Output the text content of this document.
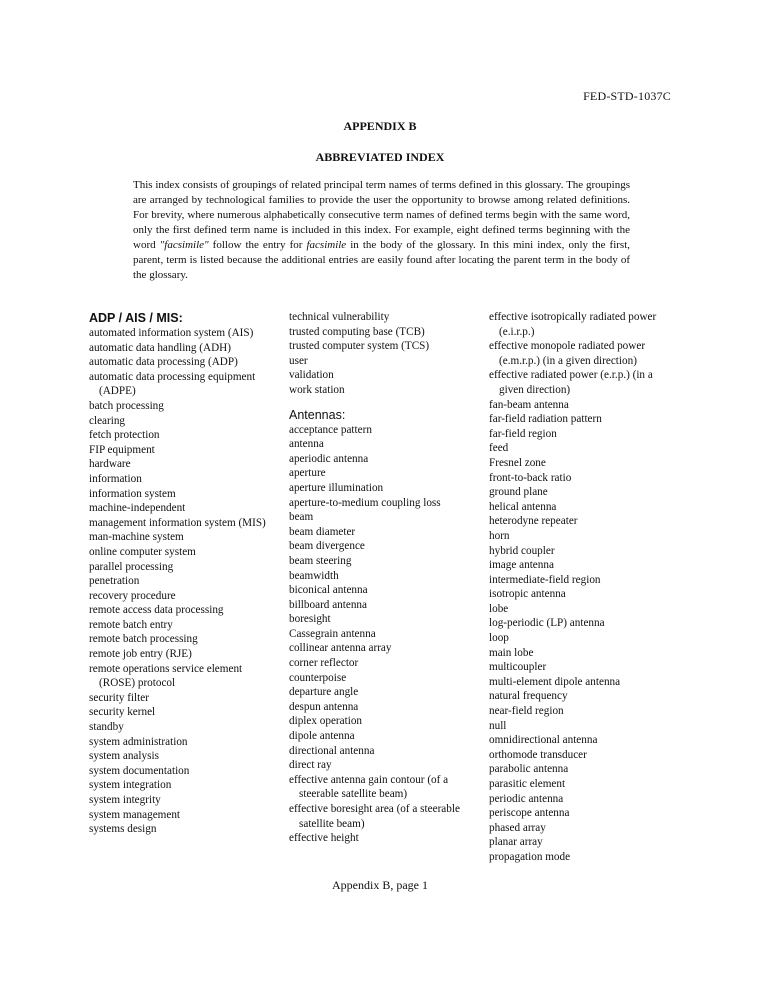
FED-STD-1037C
APPENDIX B
ABBREVIATED INDEX

This index consists of groupings of related principal term names of terms defined in this glossary. The groupings are arranged by technological families to provide the user the opportunity to browse among related definitions. For brevity, where numerous alphabetically consecutive term names of defined terms begin with the same word, only the first defined term name is included in this index. For example, eight defined terms beginning with the word "facsimile" follow the entry for facsimile in the body of the glossary. In this mini index, only the first, parent, term is listed because the additional entries are easily found after locating the parent term in the body of the glossary.

ADP / AIS / MIS:
automated information system (AIS)
automatic data handling (ADH)
automatic data processing (ADP)
automatic data processing equipment (ADPE)
batch processing
clearing
fetch protection
FIP equipment
hardware
information
information system
machine-independent
management information system (MIS)
man-machine system
online computer system
parallel processing
penetration
recovery procedure
remote access data processing
remote batch entry
remote batch processing
remote job entry (RJE)
remote operations service element (ROSE) protocol
security filter
security kernel
standby
system administration
system analysis
system documentation
system integration
system integrity
system management
systems design
technical vulnerability
trusted computing base (TCB)
trusted computer system (TCS)
user
validation
work station
Antennas:
acceptance pattern
antenna
aperiodic antenna
aperture
aperture illumination
aperture-to-medium coupling loss
beam
beam diameter
beam divergence
beam steering
beamwidth
biconical antenna
billboard antenna
boresight
Cassegrain antenna
collinear antenna array
corner reflector
counterpoise
departure angle
despun antenna
diplex operation
dipole antenna
directional antenna
direct ray
effective antenna gain contour (of a steerable satellite beam)
effective boresight area (of a steerable satellite beam)
effective height
effective isotropically radiated power (e.i.r.p.)
effective monopole radiated power (e.m.r.p.) (in a given direction)
effective radiated power (e.r.p.) (in a given direction)
fan-beam antenna
far-field radiation pattern
far-field region
feed
Fresnel zone
front-to-back ratio
ground plane
helical antenna
heterodyne repeater
horn
hybrid coupler
image antenna
intermediate-field region
isotropic antenna
lobe
log-periodic (LP) antenna
loop
main lobe
multicoupler
multi-element dipole antenna
natural frequency
near-field region
null
omnidirectional antenna
orthomode transducer
parabolic antenna
parasitic element
periodic antenna
periscope antenna
phased array
planar array
propagation mode
Appendix B, page 1
